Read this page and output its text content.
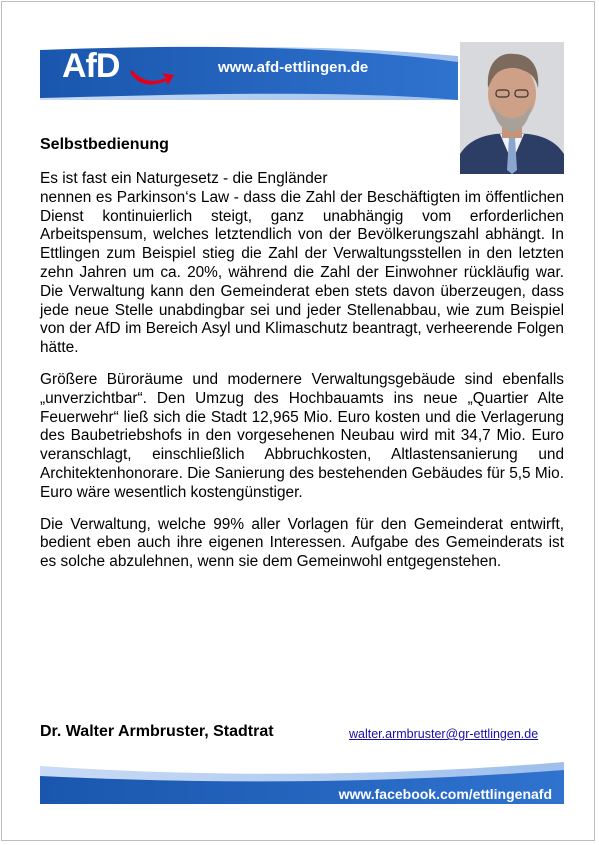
AfD	www.afd-ettlingen.de
Selbstbedienung

Es ist fast ein Naturgesetz - die Engländer
nennen es Parkinson‘s Law - dass die Zahl der Beschäftigten im öffentlichen Dienst kontinuierlich steigt, ganz unabhängig vom erforderlichen Arbeitspensum, welches letztendlich von der Bevölkerungszahl abhängt. In Ettlingen zum Beispiel stieg die Zahl der Verwaltungsstellen in den letzten zehn Jahren um ca. 20%, während die Zahl der Einwohner rückläufig war. Die Verwaltung kann den Gemeinderat eben stets davon überzeugen, dass jede neue Stelle unabdingbar sei und jeder Stellenabbau, wie zum Beispiel von der AfD im Bereich Asyl und Klimaschutz beantragt, verheerende Folgen hätte.

Größere Büroräume und modernere Verwaltungsgebäude sind ebenfalls „unverzichtbar“. Den Umzug des Hochbauamts ins neue „Quartier Alte Feuerwehr“ ließ sich die Stadt 12,965 Mio. Euro kosten und die Verlagerung des Baubetriebshofs in den vorgesehenen Neubau wird mit 34,7 Mio. Euro veranschlagt, einschließlich Abbruchkosten, Altlastensanierung und Architektenhonorare. Die Sanierung des bestehenden Gebäudes für 5,5 Mio. Euro wäre wesentlich kostengünstiger.

Die Verwaltung, welche 99% aller Vorlagen für den Gemeinderat entwirft, bedient eben auch ihre eigenen Interessen. Aufgabe des Gemeinderats ist es solche abzulehnen, wenn sie dem Gemeinwohl entgegenstehen.

Dr. Walter Armbruster, Stadtrat	walter.armbruster@gr-ettlingen.de
www.facebook.com/ettlingenafd
